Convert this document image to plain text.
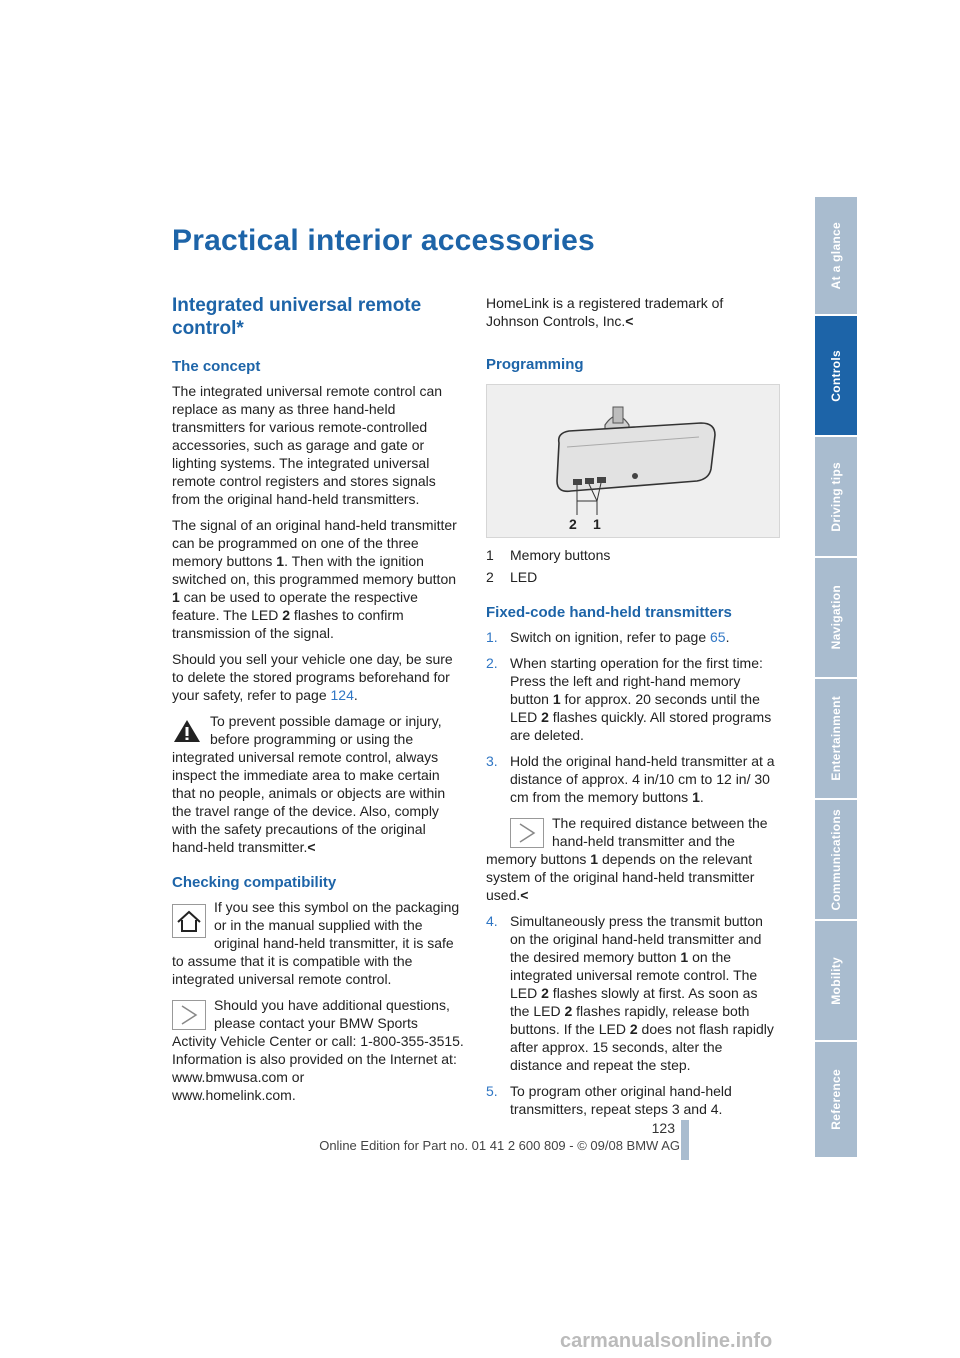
Practical interior accessories
Integrated universal remote control*
The concept

The integrated universal remote control can replace as many as three hand-held transmitters for various remote-controlled accessories, such as garage and gate or lighting systems. The integrated universal remote control registers and stores signals from the original hand-held transmitters.

The signal of an original hand-held transmitter can be programmed on one of the three memory buttons 1. Then with the ignition switched on, this programmed memory button 1 can be used to operate the respective feature. The LED 2 flashes to confirm transmission of the signal.

Should you sell your vehicle one day, be sure to delete the stored programs beforehand for your safety, refer to page 124.

To prevent possible damage or injury, before programming or using the integrated universal remote control, always inspect the immediate area to make certain that no people, animals or objects are within the travel range of the device. Also, comply with the safety precautions of the original hand-held transmitter.<
Checking compatibility
If you see this symbol on the packaging or in the manual supplied with the original hand-held transmitter, it is safe to assume that it is compatible with the integrated universal remote control.
Should you have additional questions, please contact your BMW Sports Activity Vehicle Center or call: 1-800-355-3515. Information is also provided on the Internet at:
www.bmwusa.com or
www.homelink.com.

HomeLink is a registered trademark of Johnson Controls, Inc.<

Programming
2 1
1	Memory buttons
2	LED
Fixed-code hand-held transmitters
1. Switch on ignition, refer to page 65.
2. When starting operation for the first time: Press the left and right-hand memory button 1 for approx. 20 seconds until the LED 2 flashes quickly. All stored programs are deleted.
3. Hold the original hand-held transmitter at a distance of approx. 4 in/10 cm to 12 in/ 30 cm from the memory buttons 1.
The required distance between the hand-held transmitter and the memory buttons 1 depends on the relevant system of the original hand-held transmitter used.<
4. Simultaneously press the transmit button on the original hand-held transmitter and the desired memory button 1 on the integrated universal remote control. The LED 2 flashes slowly at first. As soon as the LED 2 flashes rapidly, release both buttons. If the LED 2 does not flash rapidly after approx. 15 seconds, alter the distance and repeat the step.
5. To program other original hand-held transmitters, repeat steps 3 and 4.
At a glance
Controls
Driving tips
Navigation
Entertainment
Communications
Mobility
Reference
123
Online Edition for Part no. 01 41 2 600 809 - © 09/08 BMW AG
carmanualsonline.info
